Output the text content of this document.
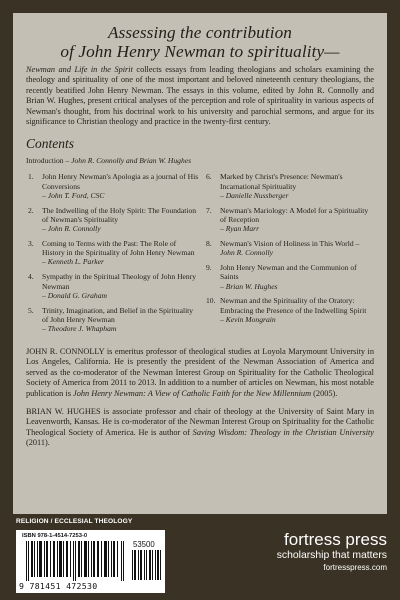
Assessing the contribution
of John Henry Newman to spirituality—

Newman and Life in the Spirit collects essays from leading theologians and scholars examining the theology and spirituality of one of the most important and beloved nineteenth century theologians, the recently beatified John Henry Newman. The essays in this volume, edited by John R. Connolly and Brian W. Hughes, present critical analyses of the perception and role of spirituality in various aspects of Newman's thought, from his doctrinal work to his university and parochial sermons, and argue for its significance to Christian theology and practice in the twenty-first century.

Contents
Introduction – John R. Connolly and Brian W. Hughes
1.	John Henry Newman's Apologia as a journal of His Conversions
– John T. Ford, CSC
2.	The Indwelling of the Holy Spirit: The Foundation of Newman's Spirituality
– John R. Connolly
3.	Coming to Terms with the Past: The Role of History in the Spirituality of John Henry Newman
– Kenneth L. Parker
4.	Sympathy in the Spiritual Theology of John Henry Newman
– Donald G. Graham
5.	Trinity, Imagination, and Belief in the Spirituality of John Henry Newman
– Theodore J. Whapham
6.	Marked by Christ's Presence: Newman's Incarnational Spirituality
– Danielle Nussberger
7.	Newman's Mariology: A Model for a Spirituality of Reception
– Ryan Marr
8.	Newman's Vision of Holiness in This World – John R. Connolly
9.	John Henry Newman and the Communion of Saints
– Brian W. Hughes
10. Newman and the Spirituality of the Oratory: Embracing the Presence of the Indwelling Spirit
– Kevin Mongrain

JOHN R. CONNOLLY is emeritus professor of theological studies at Loyola Marymount University in Los Angeles, California. He is presently the president of the Newman Association of America and served as the co-moderator of the Newman Interest Group on Spirituality for the Catholic Theological Society of America from 2011 to 2013. In addition to a number of articles on Newman, his most notable publication is John Henry Newman: A View of Catholic Faith for the New Millennium (2005).

BRIAN W. HUGHES is associate professor and chair of theology at the University of Saint Mary in Leavenworth, Kansas. He is co-moderator of the Newman Interest Group on Spirituality for the Catholic Theological Society of America. He is author of Saving Wisdom: Theology in the Christian University (2011).

RELIGION / ECCLESIAL THEOLOGY
ISBN 978-1-4514-7253-0
53500
9 781451 472530
fortress press
scholarship that matters
fortresspress.com
